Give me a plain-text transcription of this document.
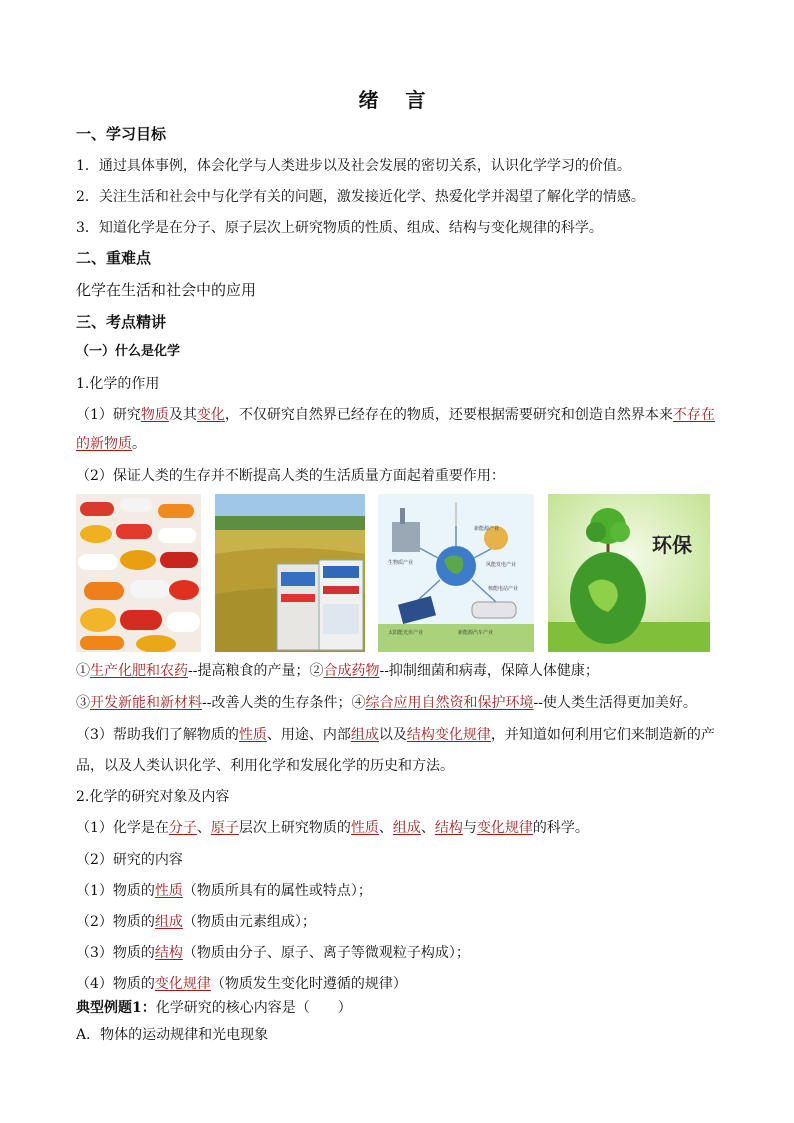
绪 言
一、学习目标
1．通过具体事例，体会化学与人类进步以及社会发展的密切关系，认识化学学习的价值。
2．关注生活和社会中与化学有关的问题，激发接近化学、热爱化学并渴望了解化学的情感。
3．知道化学是在分子、原子层次上研究物质的性质、组成、结构与变化规律的科学。
二、重难点
化学在生活和社会中的应用
三、考点精讲
（一）什么是化学
1.化学的作用
（1）研究物质及其变化，不仅研究自然界已经存在的物质，还要根据需要研究和创造自然界本来不存在
的新物质。
（2）保证人类的生存并不断提高人类的生活质量方面起着重要作用：
新能源产业
生物质产业	风能发电产业
太阳能光伏产业	新能源汽车产业
核能电站产业
环保
①生产化肥和农药--提高粮食的产量；②合成药物--抑制细菌和病毒，保障人体健康；
③开发新能和新材料--改善人类的生存条件；④综合应用自然资和保护环境--使人类生活得更加美好。
（3）帮助我们了解物质的性质、用途、内部组成以及结构变化规律，并知道如何利用它们来制造新的产
品，以及人类认识化学、利用化学和发展化学的历史和方法。
2.化学的研究对象及内容
（1）化学是在分子、原子层次上研究物质的性质、组成、结构与变化规律的科学。
（2）研究的内容
（1）物质的性质（物质所具有的属性或特点）；
（2）物质的组成（物质由元素组成）；
（3）物质的结构（物质由分子、原子、离子等微观粒子构成）；
（4）物质的变化规律（物质发生变化时遵循的规律）
典型例题1：化学研究的核心内容是（　　）
A．物体的运动规律和光电现象
